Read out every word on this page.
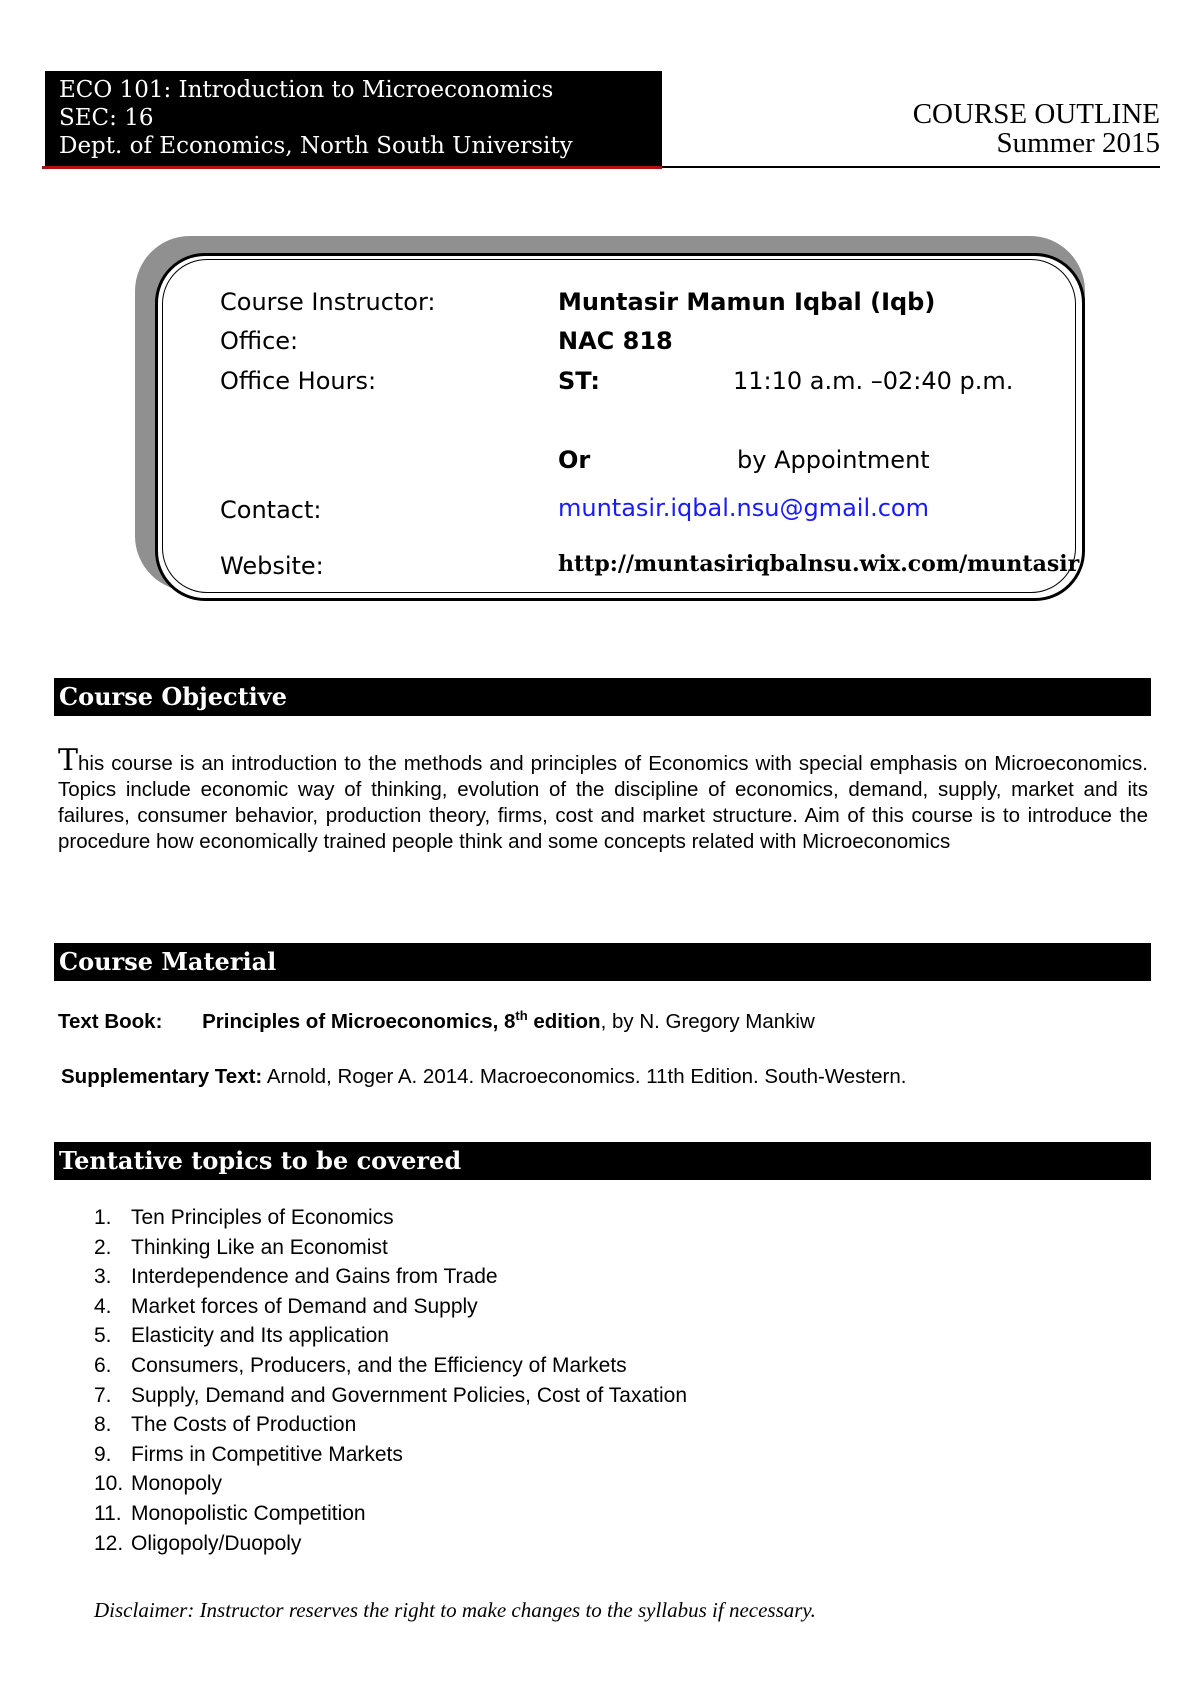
ECO 101: Introduction to Microeconomics
SEC: 16
Dept. of Economics, North South University
COURSE OUTLINE
Summer 2015
Course Instructor:	Muntasir Mamun Iqbal (Iqb)
Office:	NAC 818
Office Hours:	ST:	11:10 a.m. –02:40 p.m.
Or	by Appointment
Contact:	muntasir.iqbal.nsu@gmail.com
Website:	http://muntasiriqbalnsu.wix.com/muntasir
Course Objective
This course is an introduction to the methods and principles of Economics with special emphasis on Microeconomics. Topics include economic way of thinking, evolution of the discipline of economics, demand, supply, market and its failures, consumer behavior, production theory, firms, cost and market structure. Aim of this course is to introduce the procedure how economically trained people think and some concepts related with Microeconomics
Course Material
Text Book: Principles of Microeconomics, 8th edition, by N. Gregory Mankiw
Supplementary Text: Arnold, Roger A. 2014. Macroeconomics. 11th Edition. South-Western.
Tentative topics to be covered
1. Ten Principles of Economics
2. Thinking Like an Economist
3. Interdependence and Gains from Trade
4. Market forces of Demand and Supply
5. Elasticity and Its application
6. Consumers, Producers, and the Efficiency of Markets
7. Supply, Demand and Government Policies, Cost of Taxation
8. The Costs of Production
9. Firms in Competitive Markets
10. Monopoly
11. Monopolistic Competition
12. Oligopoly/Duopoly
Disclaimer: Instructor reserves the right to make changes to the syllabus if necessary.
